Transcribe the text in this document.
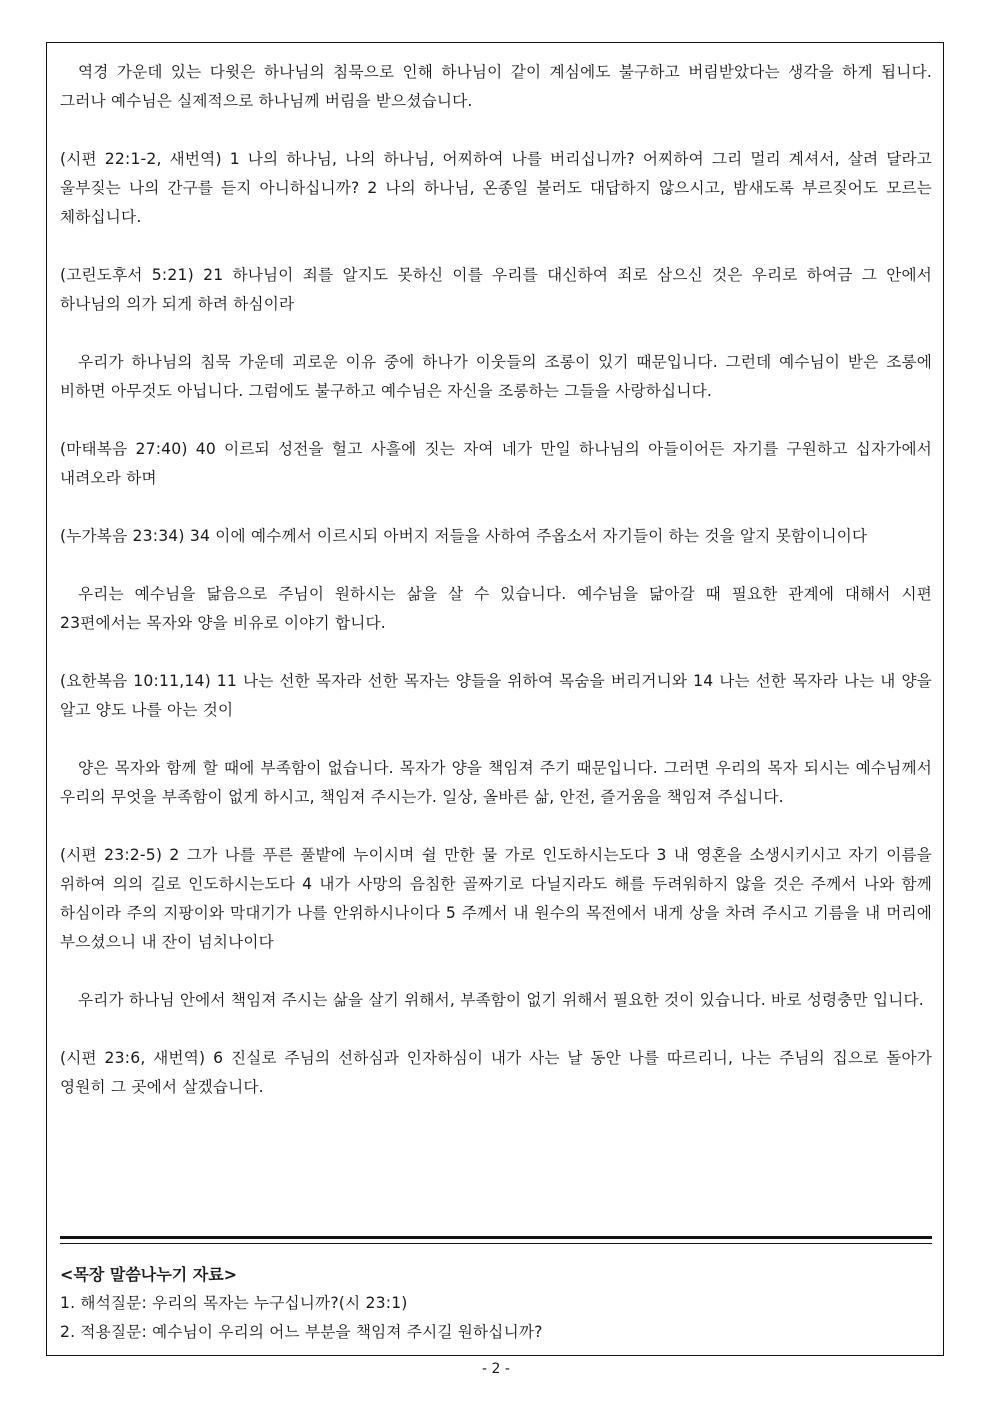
역경 가운데 있는 다윗은 하나님의 침묵으로 인해 하나님이 같이 계심에도 불구하고 버림받았다는 생각을 하게 됩니다. 그러나 예수님은 실제적으로 하나님께 버림을 받으셨습니다.

(시편 22:1-2, 새번역) 1 나의 하나님, 나의 하나님, 어찌하여 나를 버리십니까? 어찌하여 그리 멀리 계셔서, 살려 달라고 울부짖는 나의 간구를 듣지 아니하십니까? 2 나의 하나님, 온종일 불러도 대답하지 않으시고, 밤새도록 부르짖어도 모르는 체하십니다.

(고린도후서 5:21) 21 하나님이 죄를 알지도 못하신 이를 우리를 대신하여 죄로 삼으신 것은 우리로 하여금 그 안에서 하나님의 의가 되게 하려 하심이라

우리가 하나님의 침묵 가운데 괴로운 이유 중에 하나가 이웃들의 조롱이 있기 때문입니다. 그런데 예수님이 받은 조롱에 비하면 아무것도 아닙니다. 그럼에도 불구하고 예수님은 자신을 조롱하는 그들을 사랑하십니다.

(마태복음 27:40) 40 이르되 성전을 헐고 사흘에 짓는 자여 네가 만일 하나님의 아들이어든 자기를 구원하고 십자가에서 내려오라 하며

(누가복음 23:34) 34 이에 예수께서 이르시되 아버지 저들을 사하여 주옵소서 자기들이 하는 것을 알지 못함이니이다

우리는 예수님을 닮음으로 주님이 원하시는 삶을 살 수 있습니다. 예수님을 닮아갈 때 필요한 관계에 대해서 시편 23편에서는 목자와 양을 비유로 이야기 합니다.

(요한복음 10:11,14) 11 나는 선한 목자라 선한 목자는 양들을 위하여 목숨을 버리거니와 14 나는 선한 목자라 나는 내 양을 알고 양도 나를 아는 것이

양은 목자와 함께 할 때에 부족함이 없습니다. 목자가 양을 책임져 주기 때문입니다. 그러면 우리의 목자 되시는 예수님께서 우리의 무엇을 부족함이 없게 하시고, 책임져 주시는가. 일상, 올바른 삶, 안전, 즐거움을 책임져 주십니다.

(시편 23:2-5) 2 그가 나를 푸른 풀밭에 누이시며 쉴 만한 물 가로 인도하시는도다 3 내 영혼을 소생시키시고 자기 이름을 위하여 의의 길로 인도하시는도다 4 내가 사망의 음침한 골짜기로 다닐지라도 해를 두려워하지 않을 것은 주께서 나와 함께 하심이라 주의 지팡이와 막대기가 나를 안위하시나이다 5 주께서 내 원수의 목전에서 내게 상을 차려 주시고 기름을 내 머리에 부으셨으니 내 잔이 넘치나이다

우리가 하나님 안에서 책임져 주시는 삶을 살기 위해서, 부족함이 없기 위해서 필요한 것이 있습니다. 바로 성령충만 입니다.

(시편 23:6, 새번역) 6 진실로 주님의 선하심과 인자하심이 내가 사는 날 동안 나를 따르리니, 나는 주님의 집으로 돌아가 영원히 그 곳에서 살겠습니다.

<목장 말씀나누기 자료>

1. 해석질문: 우리의 목자는 누구십니까?(시 23:1)

2. 적용질문: 예수님이 우리의 어느 부분을 책임져 주시길 원하십니까?

- 2 -
